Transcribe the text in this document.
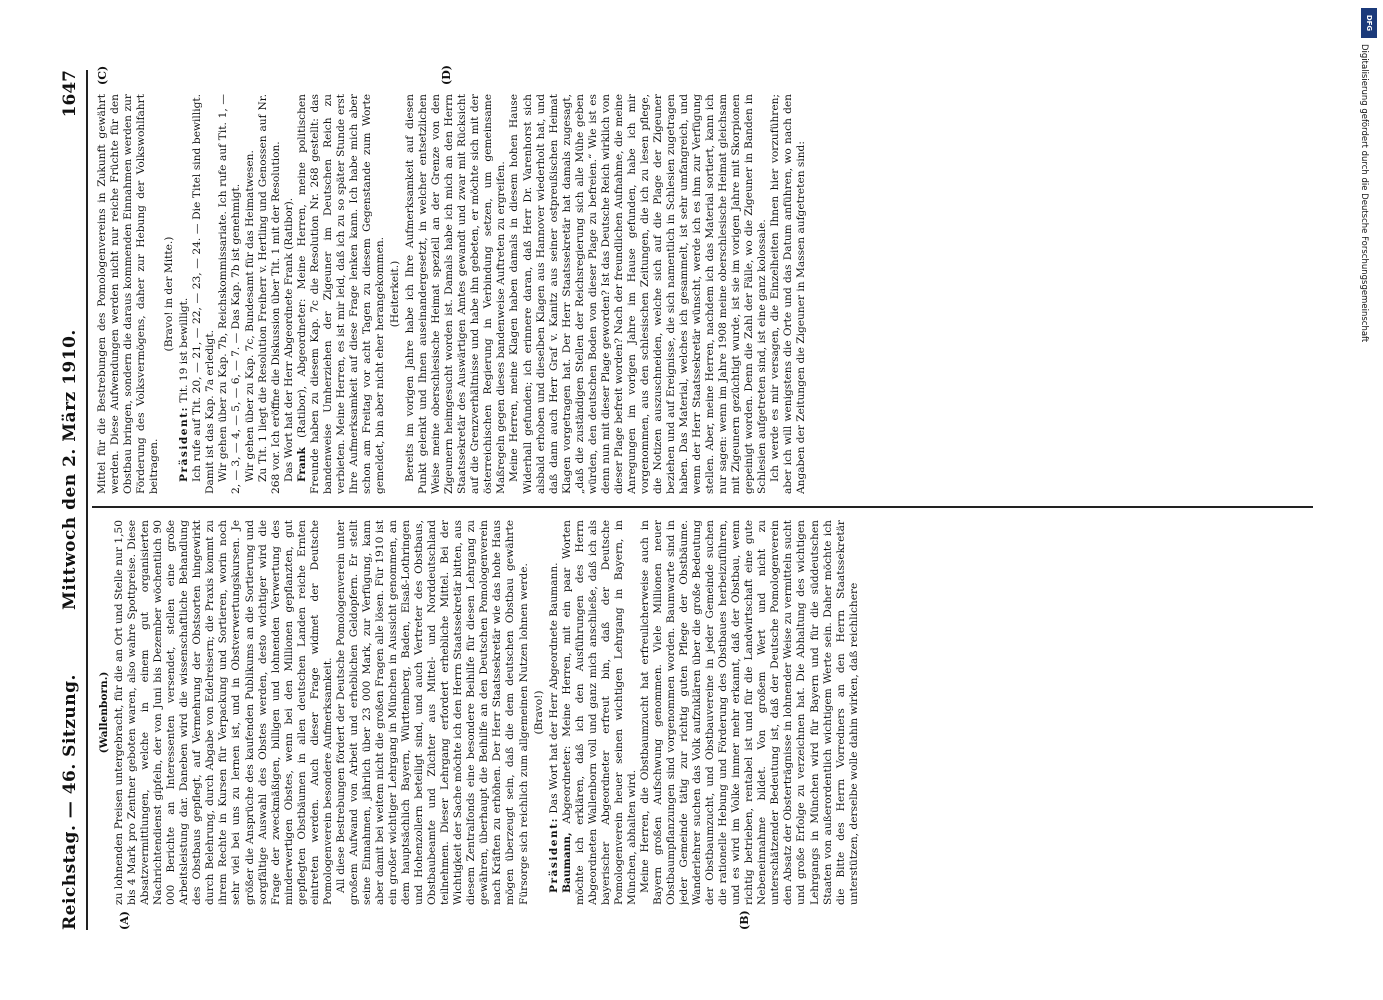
Reichstag. — 46. Sitzung.
Mittwoch den 2. März 1910.
1647
(A)	(B)
(C)	(D)

(Wallenborn.) zu lohnenden Preisen untergebracht, für die an Ort und Stelle nur 1,50 bis 4 Mark pro Zentner geboten waren, also wahre Spottpreise. Diese Absatzvermittlungen, welche in einem gut organisierten Nachrichtendienst gipfeln, der von Juni bis Dezember wöchentlich 90 000 Berichte an Interessenten versendet, stellen eine große Arbeitsleistung dar. Daneben wird die wissenschaftliche Behandlung des Obstbaus gepflegt, auf Vermehrung der Obstsorten hingewirkt durch Belehrung, durch Abgabe von Edelreisern; die Praxis kommt zu ihrem Rechte in Kursen für Verpackung und Sortieren, worin noch sehr viel bei uns zu lernen ist, und in Obstverwertungskursen. Je größer die Ansprüche des kaufenden Publikums an die Sortierung und sorgfältige Auswahl des Obstes werden, desto wichtiger wird die Frage der zweckmäßigen, billigen und lohnenden Verwertung des minderwertigen Obstes, wenn bei den Millionen gepflanzten, gut gepflegten Obstbäumen in allen deutschen Landen reiche Ernten eintreten werden. Auch dieser Frage widmet der Deutsche Pomologenverein besondere Aufmerksamkeit. All diese Bestrebungen fördert der Deutsche Pomologenverein unter großem Aufwand von Arbeit und erheblichen Geldopfern. Er stellt seine Einnahmen, jährlich über 23 000 Mark, zur Verfügung, kann aber damit bei weitem nicht die großen Fragen alle lösen. Für 1910 ist ein großer wichtiger Lehrgang in München in Aussicht genommen, an dem hauptsächlich Bayern, Württemberg, Baden, Elsaß-Lothringen und Hohenzollern beteiligt sind, und auch Vertreter des Obstbaus, Obstbaubeamte und Züchter aus Mittel- und Norddeutschland teilnehmen. Dieser Lehrgang erfordert erhebliche Mittel. Bei der Wichtigkeit der Sache möchte ich den Herrn Staatssekretär bitten, aus diesem Zentralfonds eine besondere Beihilfe für diesen Lehrgang zu gewähren, überhaupt die Beihilfe an den Deutschen Pomologenverein nach Kräften zu erhöhen. Der Herr Staatssekretär wie das hohe Haus mögen überzeugt sein, daß die dem deutschen Obstbau gewährte Fürsorge sich reichlich zum allgemeinen Nutzen lohnen werde. (Bravo!)

Präsident: Das Wort hat der Herr Abgeordnete Baumann.

Baumann, Abgeordneter: Meine Herren, mit ein paar Worten möchte ich erklären, daß ich den Ausführungen des Herrn Abgeordneten Wallenborn voll und ganz mich anschließe, daß ich als bayerischer Abgeordneter erfreut bin, daß der Deutsche Pomologenverein heuer seinen wichtigen Lehrgang in Bayern, in München, abhalten wird. Meine Herren, die Obstbaumzucht hat erfreulicherweise auch in Bayern großen Aufschwung genommen. Viele Millionen neuer Obstbaumpflanzungen sind vorgenommen worden. Baumwarte sind in jeder Gemeinde tätig zur richtig guten Pflege der Obstbäume. Wanderlehrer suchen das Volk aufzuklären über die große Bedeutung der Obstbaumzucht, und Obstbauvereine in jeder Gemeinde suchen die rationelle Hebung und Förderung des Obstbaues herbeizuführen, und es wird im Volke immer mehr erkannt, daß der Obstbau, wenn richtig betrieben, rentabel ist und für die Landwirtschaft eine gute Nebeneinnahme bildet. Von großem Wert und nicht zu unterschätzender Bedeutung ist, daß der Deutsche Pomologenverein den Absatz der Obsterträgnisse in lohnender Weise zu vermitteln sucht und große Erfolge zu verzeichnen hat. Die Abhaltung des wichtigen Lehrgangs in München wird für Bayern und für die süddeutschen Staaten von außerordentlich wichtigem Werte sein. Daher möchte ich die Bitte des Herrn Vorredners an den Herrn Staatssekretär unterstützen, derselbe wolle dahin wirken, daß reichlichere

Mittel für die Bestrebungen des Pomologenvereins in Zukunft gewährt werden. Diese Aufwendungen werden nicht nur reiche Früchte für den Obstbau bringen, sondern die daraus kommenden Einnahmen werden zur Förderung des Volksvermögens, daher zur Hebung der Volkswohlfahrt beitragen.

(Bravo! in der Mitte.)

Präsident: Tit. 19 ist bewilligt. Ich rufe auf Tit. 20, — 21, — 22, — 23, — 24. — Die Titel sind bewilligt. Damit ist das Kap. 7a erledigt. Wir gehen über zu Kap. 7b, Reichskommissariate. Ich rufe auf Tit. 1, — 2, — 3, — 4, — 5, — 6, — 7. — Das Kap. 7b ist genehmigt. Wir gehen über zu Kap. 7c, Bundesamt für das Heimatwesen. Zu Tit. 1 liegt die Resolution Freiherr v. Hertling und Genossen auf Nr. 268 vor. Ich eröffne die Diskussion über Tit. 1 mit der Resolution. Das Wort hat der Herr Abgeordnete Frank (Ratibor). Frank (Ratibor), Abgeordneter: Meine Herren, meine politischen Freunde haben zu diesem Kap. 7c die Resolution Nr. 268 gestellt: das bandenweise Umherziehen der Zigeuner im Deutschen Reich zu verbieten. Meine Herren, es ist mir leid, daß ich zu so später Stunde erst Ihre Aufmerksamkeit auf diese Frage lenken kann. Ich habe mich aber schon am Freitag vor acht Tagen zu diesem Gegenstande zum Worte gemeldet, bin aber nicht eher herangekommen. (Heiterkeit.) Bereits im vorigen Jahre habe ich Ihre Aufmerksamkeit auf diesen Punkt gelenkt und Ihnen auseinandergesetzt, in welcher entsetzlichen Weise meine oberschlesische Heimat speziell an der Grenze von den Zigeunern heimgesucht worden ist. Damals habe ich mich an den Herrn Staatssekretär des Auswärtigen Amtes gewandt und zwar mit Rücksicht auf die Grenzverhältnisse und habe ihn gebeten, er möchte sich mit der österreichischen Regierung in Verbindung setzen, um gemeinsame Maßregeln gegen dieses bandenweise Auftreten zu ergreifen. Meine Herren, meine Klagen haben damals in diesem hohen Hause Widerhall gefunden; ich erinnere daran, daß Herr Dr. Varenhorst sich alsbald erhoben und dieselben Klagen aus Hannover wiederholt hat, und daß dann auch Herr Graf v. Kanitz aus seiner ostpreußischen Heimat Klagen vorgetragen hat. Der Herr Staatssekretär hat damals zugesagt, „daß die zuständigen Stellen der Reichsregierung sich alle Mühe geben würden, den deutschen Boden von dieser Plage zu befreien.“ Wie ist es denn nun mit dieser Plage geworden? Ist das Deutsche Reich wirklich von dieser Plage befreit worden? Nach der freundlichen Aufnahme, die meine Anregungen im vorigen Jahre im Hause gefunden, habe ich mir vorgenommen, aus den schlesischen Zeitungen, die ich zu lesen pflege, die Notizen auszuschneiden, welche sich auf die Plage der Zigeuner beziehen und auf Ereignisse, die sich namentlich in Schlesien zugetragen haben. Das Material, welches ich gesammelt, ist sehr umfangreich, und wenn der Herr Staatssekretär wünscht, werde ich es ihm zur Verfügung stellen. Aber, meine Herren, nachdem ich das Material sortiert, kann ich nur sagen: wenn im Jahre 1908 meine oberschlesische Heimat gleichsam mit Zigeunern gezüchtigt wurde, ist sie im vorigen Jahre mit Skorpionen gepeinigt worden. Denn die Zahl der Fälle, wo die Zigeuner in Banden in Schlesien aufgetreten sind, ist eine ganz kolossale. Ich werde es mir versagen, die Einzelheiten Ihnen hier vorzuführen; aber ich will wenigstens die Orte und das Datum anführen, wo nach den Angaben der Zeitungen die Zigeuner in Massen aufgetreten sind:

DFG
Digitalisierung gefördert durch die Deutsche Forschungsgemeinschaft
